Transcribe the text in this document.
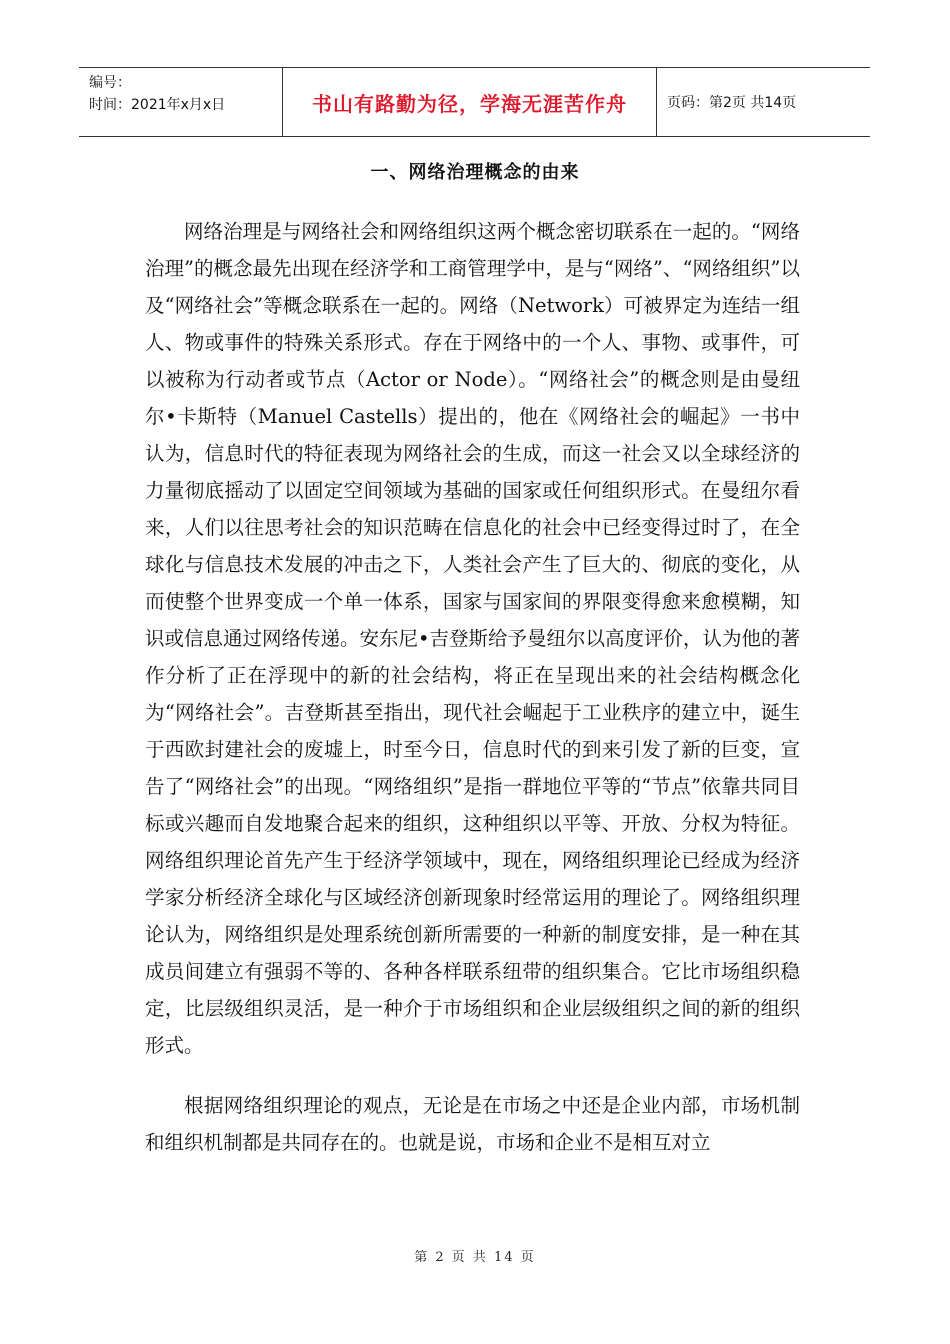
编号：
时间：2021年x月x日	书山有路勤为径，学海无涯苦作舟	页码：第2页 共14页
一、网络治理概念的由来

网络治理是与网络社会和网络组织这两个概念密切联系在一起的。“网络治理”的概念最先出现在经济学和工商管理学中，是与“网络”、“网络组织”以及“网络社会”等概念联系在一起的。网络（Network）可被界定为连结一组人、物或事件的特殊关系形式。存在于网络中的一个人、事物、或事件，可以被称为行动者或节点（Actor or Node）。“网络社会”的概念则是由曼纽尔•卡斯特（Manuel Castells）提出的，他在《网络社会的崛起》一书中认为，信息时代的特征表现为网络社会的生成，而这一社会又以全球经济的力量彻底摇动了以固定空间领域为基础的国家或任何组织形式。在曼纽尔看来，人们以往思考社会的知识范畴在信息化的社会中已经变得过时了，在全球化与信息技术发展的冲击之下，人类社会产生了巨大的、彻底的变化，从而使整个世界变成一个单一体系，国家与国家间的界限变得愈来愈模糊，知识或信息通过网络传递。安东尼•吉登斯给予曼纽尔以高度评价，认为他的著作分析了正在浮现中的新的社会结构，将正在呈现出来的社会结构概念化为“网络社会”。吉登斯甚至指出，现代社会崛起于工业秩序的建立中，诞生于西欧封建社会的废墟上，时至今日，信息时代的到来引发了新的巨变，宣告了“网络社会”的出现。“网络组织”是指一群地位平等的“节点”依靠共同目标或兴趣而自发地聚合起来的组织，这种组织以平等、开放、分权为特征。网络组织理论首先产生于经济学领域中，现在，网络组织理论已经成为经济学家分析经济全球化与区域经济创新现象时经常运用的理论了。网络组织理论认为，网络组织是处理系统创新所需要的一种新的制度安排，是一种在其成员间建立有强弱不等的、各种各样联系纽带的组织集合。它比市场组织稳定，比层级组织灵活，是一种介于市场组织和企业层级组织之间的新的组织形式。

根据网络组织理论的观点，无论是在市场之中还是企业内部，市场机制和组织机制都是共同存在的。也就是说，市场和企业不是相互对立

第 2 页 共 14 页
